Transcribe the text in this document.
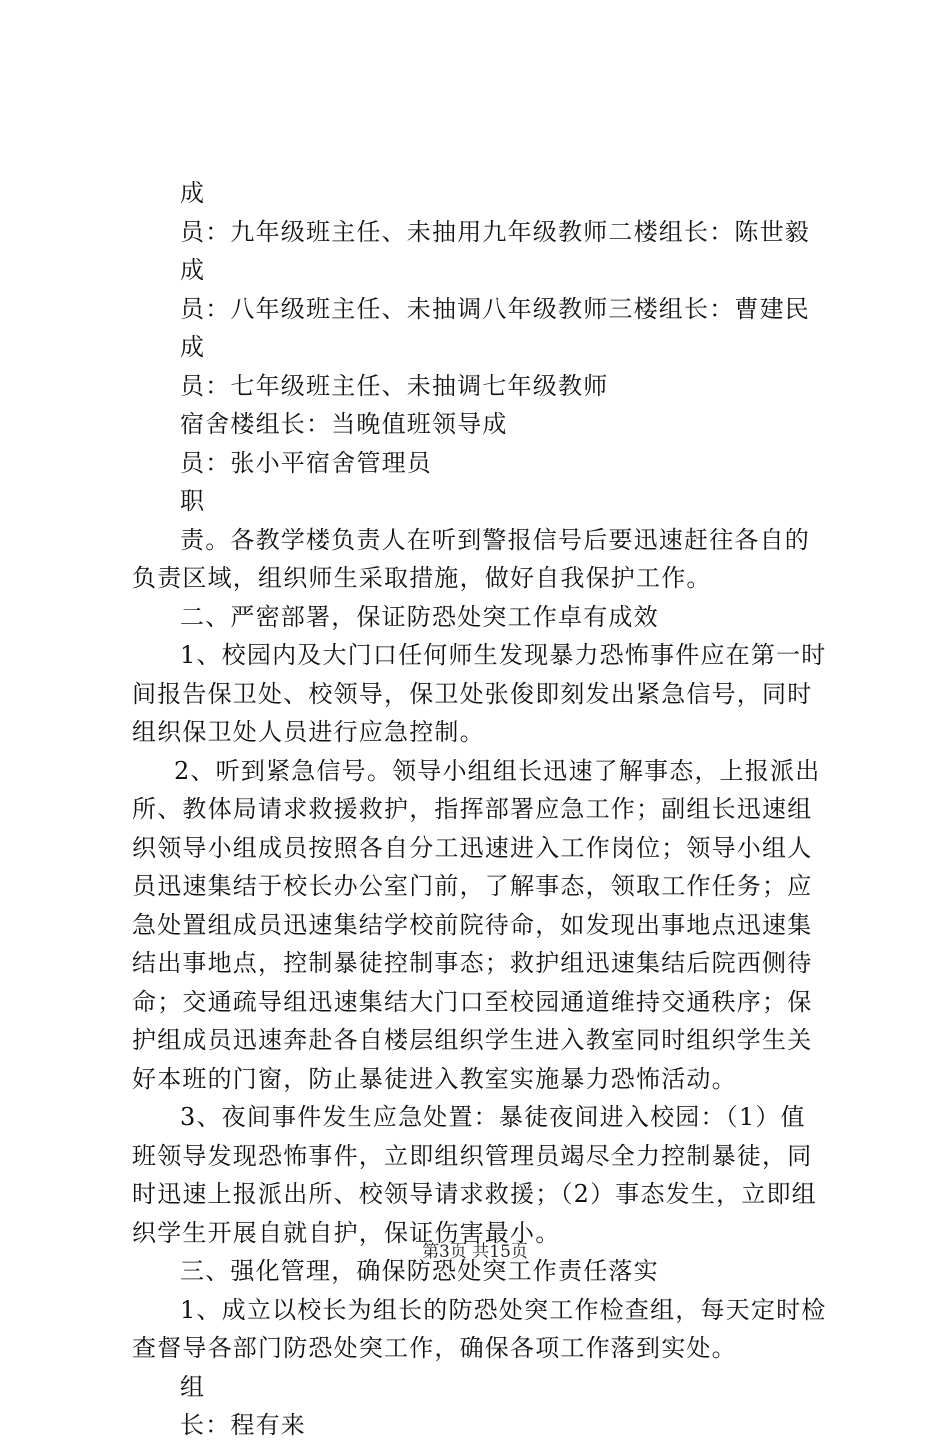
成
员：九年级班主任、未抽用九年级教师二楼组长：陈世毅
成
员：八年级班主任、未抽调八年级教师三楼组长：曹建民
成
员：七年级班主任、未抽调七年级教师
宿舍楼组长：当晚值班领导成
员：张小平宿舍管理员
职
责。各教学楼负责人在听到警报信号后要迅速赶往各自的
负责区域，组织师生采取措施，做好自我保护工作。
二、严密部署，保证防恐处突工作卓有成效
1、校园内及大门口任何师生发现暴力恐怖事件应在第一时
间报告保卫处、校领导，保卫处张俊即刻发出紧急信号，同时
组织保卫处人员进行应急控制。
2、听到紧急信号。领导小组组长迅速了解事态，上报派出
所、教体局请求救援救护，指挥部署应急工作；副组长迅速组
织领导小组成员按照各自分工迅速进入工作岗位；领导小组人
员迅速集结于校长办公室门前，了解事态，领取工作任务；应
急处置组成员迅速集结学校前院待命，如发现出事地点迅速集
结出事地点，控制暴徒控制事态；救护组迅速集结后院西侧待
命；交通疏导组迅速集结大门口至校园通道维持交通秩序；保
护组成员迅速奔赴各自楼层组织学生进入教室同时组织学生关
好本班的门窗，防止暴徒进入教室实施暴力恐怖活动。
3、夜间事件发生应急处置：暴徒夜间进入校园：（1）值
班领导发现恐怖事件，立即组织管理员竭尽全力控制暴徒，同
时迅速上报派出所、校领导请求救援；（2）事态发生，立即组
织学生开展自就自护，保证伤害最小。
三、强化管理，确保防恐处突工作责任落实
1、成立以校长为组长的防恐处突工作检查组，每天定时检
查督导各部门防恐处突工作，确保各项工作落到实处。
组
长：程有来
第3页 共15页
